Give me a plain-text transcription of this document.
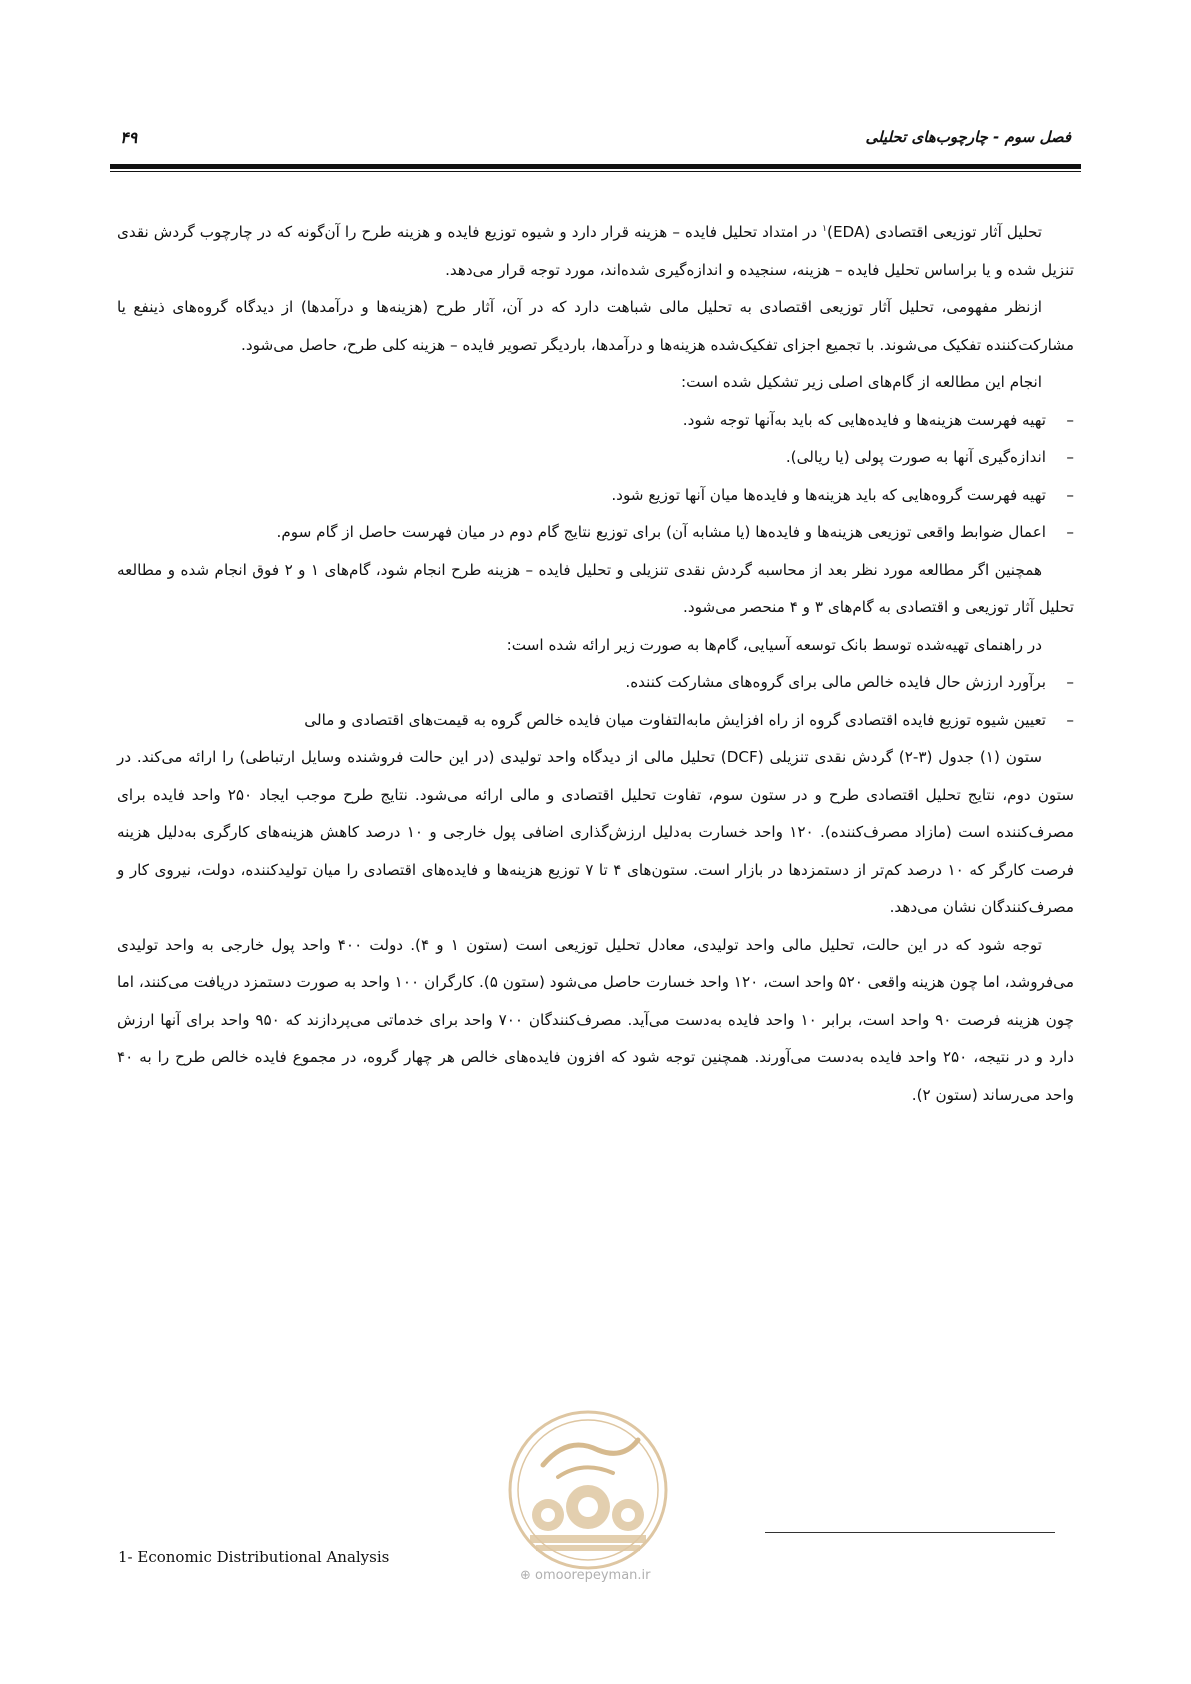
فصل سوم - چارچوب‌های تحلیلی
۴۹

تحلیل آثار توزیعی اقتصادی (EDA)$^۱$ در امتداد تحلیل فایده – هزینه قرار دارد و شیوه توزیع فایده و هزینه طرح را آن‌گونه که در چارچوب گردش نقدی تنزیل شده و یا براساس تحلیل فایده – هزینه، سنجیده و اندازه‌گیری شده‌اند، مورد توجه قرار می‌دهد.

ازنظر مفهومی، تحلیل آثار توزیعی اقتصادی به تحلیل مالی شباهت دارد که در آن، آثار طرح (هزینه‌ها و درآمدها) از دیدگاه گروه‌های ذینفع یا مشارکت‌کننده تفکیک می‌شوند. با تجمیع اجزای تفکیک‌شده هزینه‌ها و درآمدها، باردیگر تصویر فایده – هزینه کلی طرح، حاصل می‌شود.

انجام این مطالعه از گام‌های اصلی زیر تشکیل شده است:

–تهیه فهرست هزینه‌ها و فایده‌هایی که باید به‌آنها توجه شود.

–اندازه‌گیری آنها به صورت پولی (یا ریالی).

–تهیه فهرست گروه‌هایی که باید هزینه‌ها و فایده‌ها میان آنها توزیع شود.

–اعمال ضوابط واقعی توزیعی هزینه‌ها و فایده‌ها (یا مشابه آن) برای توزیع نتایج گام دوم در میان فهرست حاصل از گام سوم.

همچنین اگر مطالعه مورد نظر بعد از محاسبه گردش نقدی تنزیلی و تحلیل فایده – هزینه طرح انجام شود، گام‌های ۱ و ۲ فوق انجام شده و مطالعه تحلیل آثار توزیعی و اقتصادی به گام‌های ۳ و ۴ منحصر می‌شود.

در راهنمای تهیه‌شده توسط بانک توسعه آسیایی، گام‌ها به صورت زیر ارائه شده است:

–برآورد ارزش حال فایده خالص مالی برای گروه‌های مشارکت کننده.

–تعیین شیوه توزیع فایده اقتصادی گروه از راه افزایش مابه‌التفاوت میان فایده خالص گروه به قیمت‌های اقتصادی و مالی

ستون (۱) جدول (۳-۲) گردش نقدی تنزیلی (DCF) تحلیل مالی از دیدگاه واحد تولیدی (در این حالت فروشنده وسایل ارتباطی) را ارائه می‌کند. در ستون دوم، نتایج تحلیل اقتصادی طرح و در ستون سوم، تفاوت تحلیل اقتصادی و مالی ارائه می‌شود. نتایج طرح موجب ایجاد ۲۵۰ واحد فایده برای مصرف‌کننده است (مازاد مصرف‌کننده). ۱۲۰ واحد خسارت به‌دلیل ارزش‌گذاری اضافی پول خارجی و ۱۰ درصد کاهش هزینه‌های کارگری به‌دلیل هزینه فرصت کارگر که ۱۰ درصد کم‌تر از دستمزدها در بازار است. ستون‌های ۴ تا ۷ توزیع هزینه‌ها و فایده‌های اقتصادی را میان تولیدکننده، دولت، نیروی کار و مصرف‌کنندگان نشان می‌دهد.

توجه شود که در این حالت، تحلیل مالی واحد تولیدی، معادل تحلیل توزیعی است (ستون ۱ و ۴). دولت ۴۰۰ واحد پول خارجی به واحد تولیدی می‌فروشد، اما چون هزینه واقعی ۵۲۰ واحد است، ۱۲۰ واحد خسارت حاصل می‌شود (ستون ۵). کارگران ۱۰۰ واحد به صورت دستمزد دریافت می‌کنند، اما چون هزینه فرصت ۹۰ واحد است، برابر ۱۰ واحد فایده به‌دست می‌آید. مصرف‌کنندگان ۷۰۰ واحد برای خدماتی می‌پردازند که ۹۵۰ واحد برای آنها ارزش دارد و در نتیجه، ۲۵۰ واحد فایده به‌دست می‌آورند. همچنین توجه شود که افزون فایده‌های خالص هر چهار گروه، در مجموع فایده خالص طرح را به ۴۰ واحد می‌رساند (ستون ۲).

⊕ omoorepeyman.ir
1- Economic Distributional Analysis
